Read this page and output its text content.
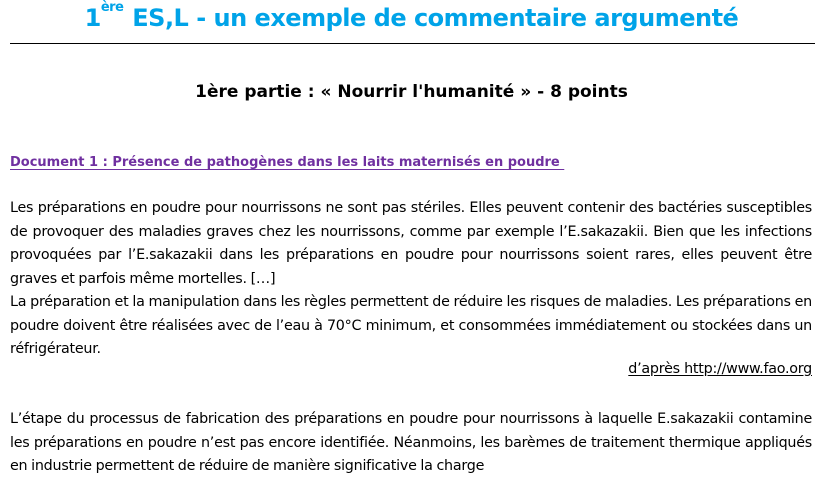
1ère ES,L - un exemple de commentaire argumenté
1ère partie : « Nourrir l'humanité » - 8 points
Document 1 : Présence de pathogènes dans les laits maternisés en poudre

Les préparations en poudre pour nourrissons ne sont pas stériles. Elles peuvent contenir des bactéries susceptibles de provoquer des maladies graves chez les nourrissons, comme par exemple l’E.sakazakii. Bien que les infections provoquées par l’E.sakazakii dans les préparations en poudre pour nourrissons soient rares, elles peuvent être graves et parfois même mortelles. […]

La préparation et la manipulation dans les règles permettent de réduire les risques de maladies. Les préparations en poudre doivent être réalisées avec de l’eau à 70°C minimum, et consommées immédiatement ou stockées dans un réfrigérateur.

d’après http://www.fao.org

L’étape du processus de fabrication des préparations en poudre pour nourrissons à laquelle E.sakazakii contamine les préparations en poudre n’est pas encore identifiée. Néanmoins, les barèmes de traitement thermique appliqués en industrie permettent de réduire de manière significative la charge
